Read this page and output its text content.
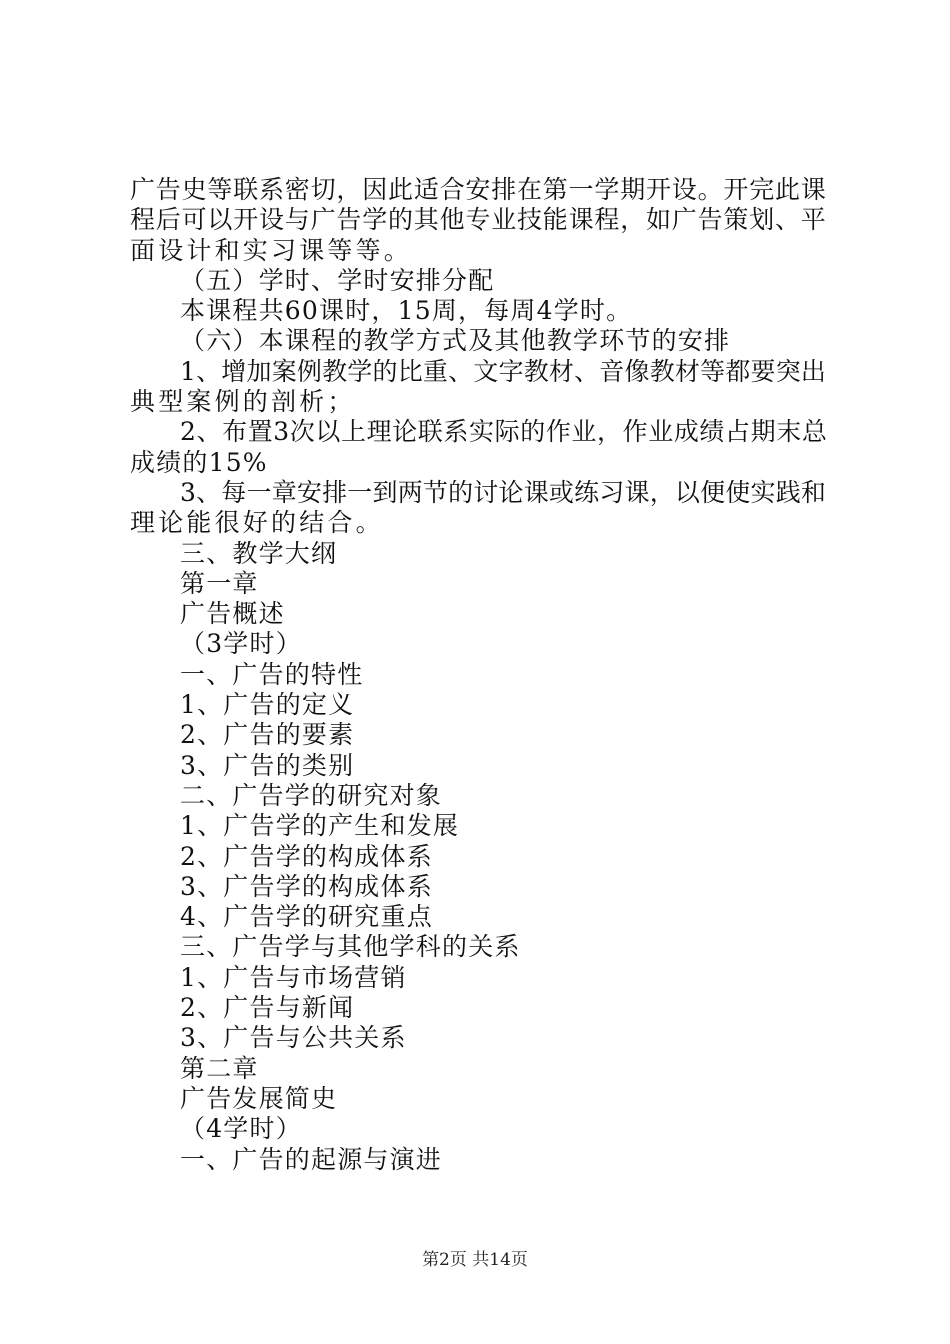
广告史等联系密切，因此适合安排在第一学期开设。开完此课
程后可以开设与广告学的其他专业技能课程，如广告策划、平
面设计和实习课等等。
（五）学时、学时安排分配
本课程共60课时，15周，每周4学时。
（六）本课程的教学方式及其他教学环节的安排
1、增加案例教学的比重、文字教材、音像教材等都要突出
典型案例的剖析；
2、布置3次以上理论联系实际的作业，作业成绩占期末总
成绩的15%
3、每一章安排一到两节的讨论课或练习课，以便使实践和
理论能很好的结合。
三、教学大纲
第一章
广告概述
（3学时）
一、广告的特性
1、广告的定义
2、广告的要素
3、广告的类别
二、广告学的研究对象
1、广告学的产生和发展
2、广告学的构成体系
3、广告学的构成体系
4、广告学的研究重点
三、广告学与其他学科的关系
1、广告与市场营销
2、广告与新闻
3、广告与公共关系
第二章
广告发展简史
（4学时）
一、广告的起源与演进
第2页 共14页
